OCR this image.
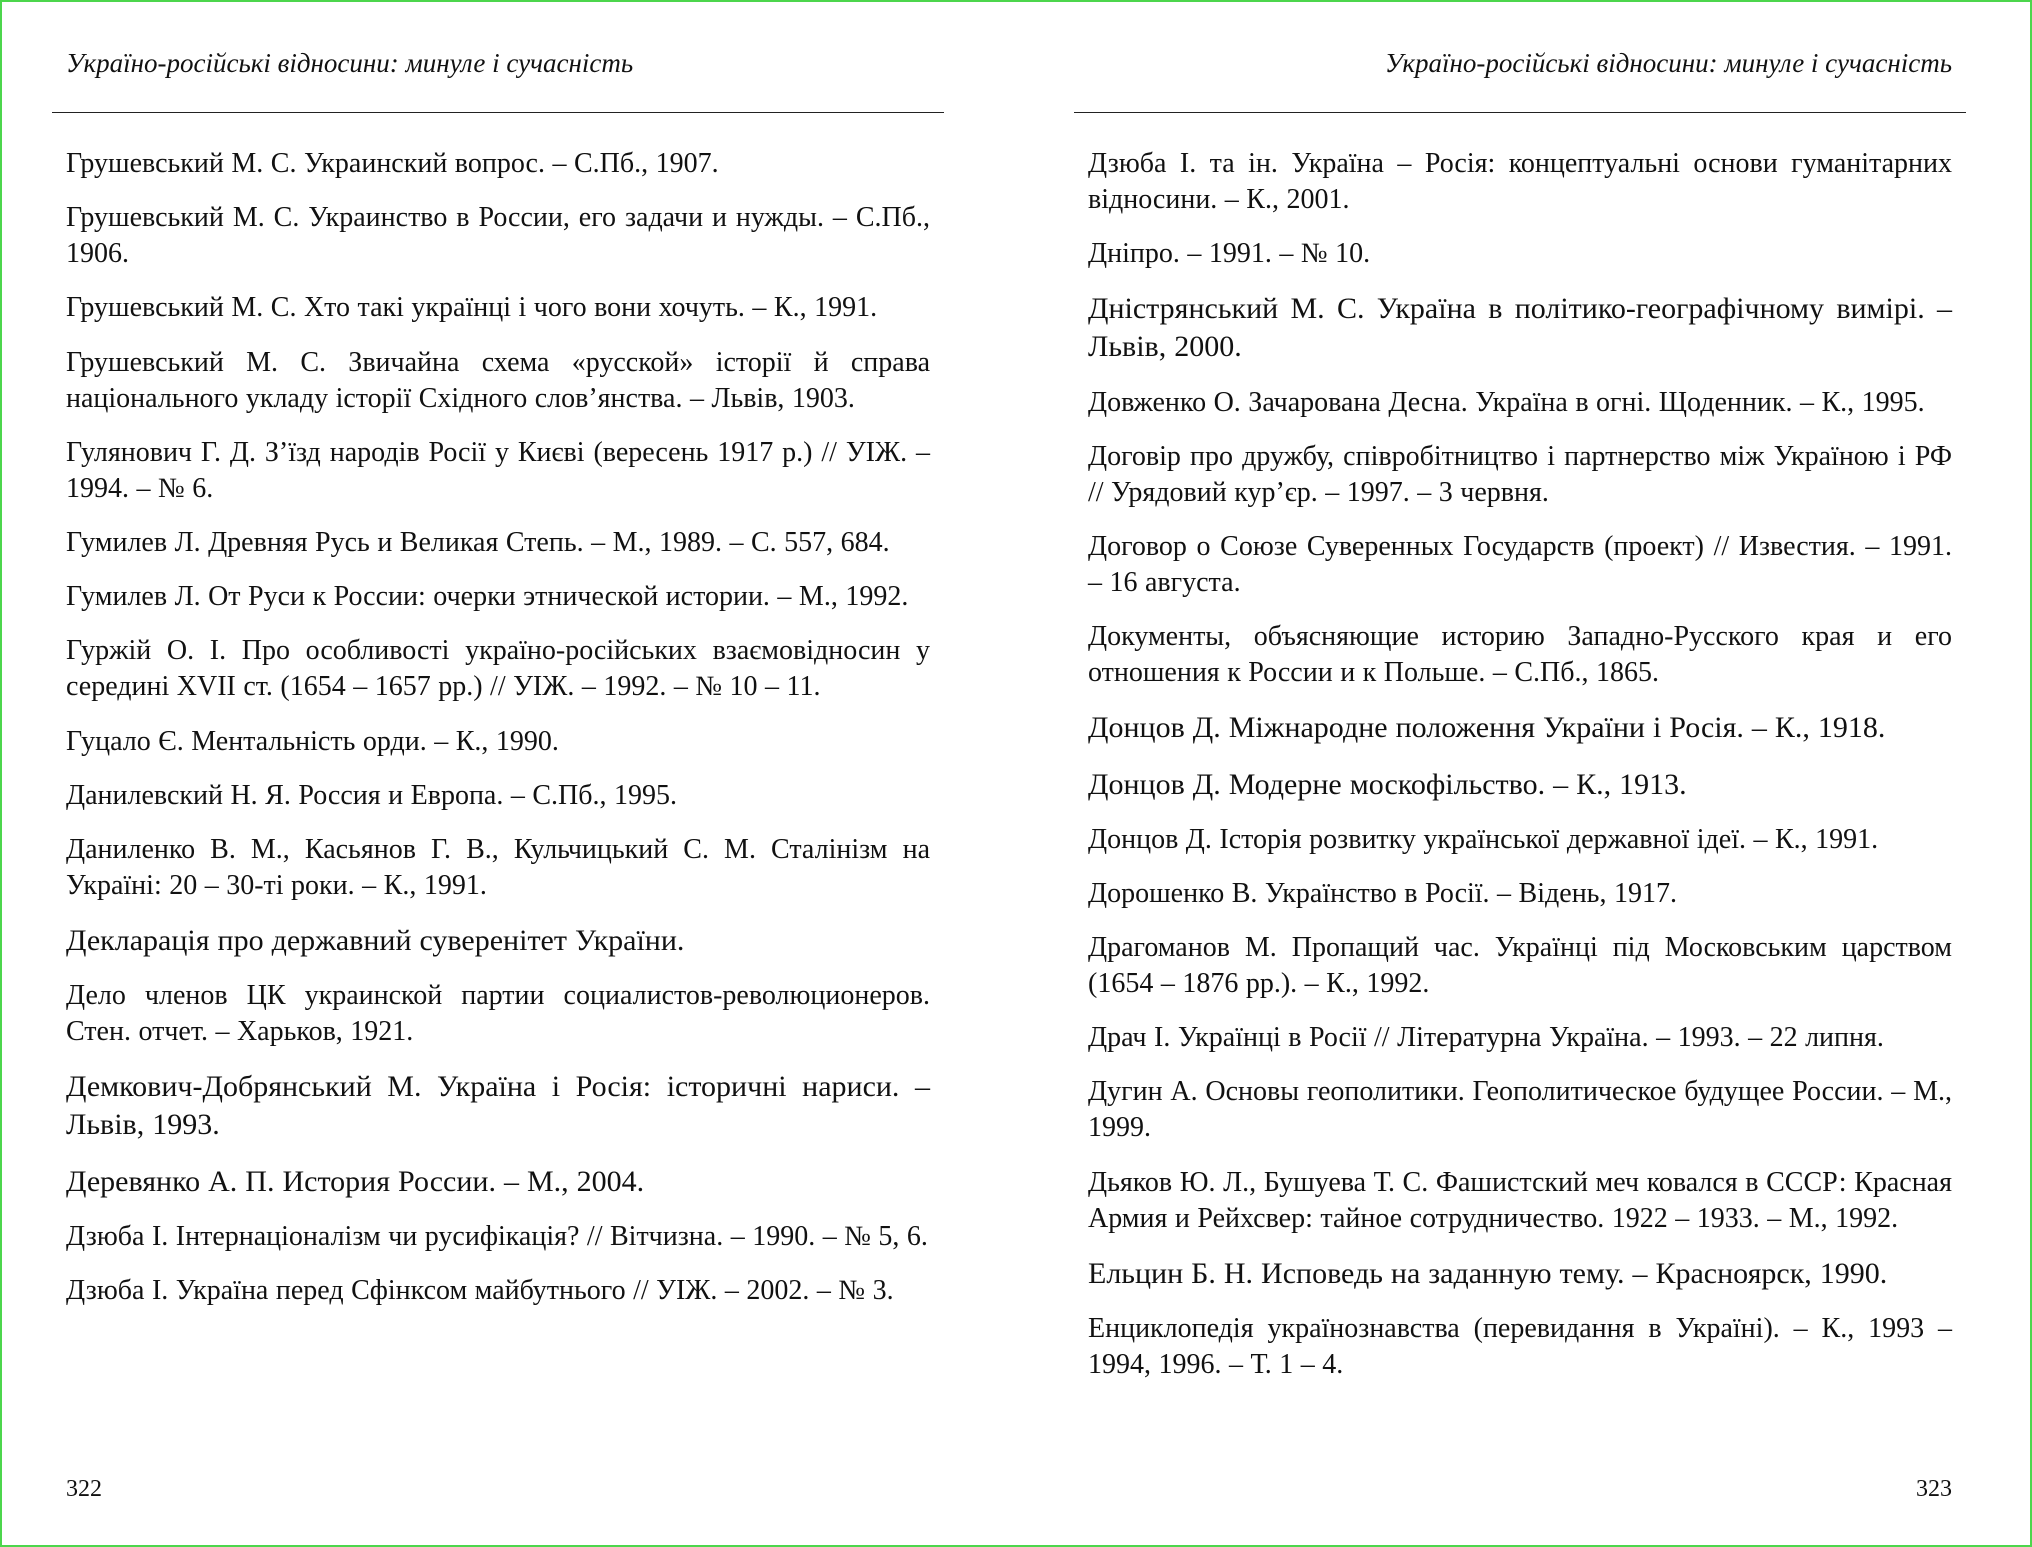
Україно-російські відносини: минуле і сучасність

Грушевський М. С. Украинский вопрос. – С.Пб., 1907.

Грушевський М. С. Украинство в России, его задачи и нужды. – С.Пб., 1906.

Грушевський М. С. Хто такі українці і чого вони хочуть. – К., 1991.

Грушевський М. С. Звичайна схема «русской» історії й справа національного укладу історії Східного слов’янства. – Львів, 1903.

Гулянович Г. Д. З’їзд народів Росії у Києві (вересень 1917 р.) // УІЖ. – 1994. – № 6.

Гумилев Л. Древняя Русь и Великая Степь. – М., 1989. – С. 557, 684.

Гумилев Л. От Руси к России: очерки этнической истории. – М., 1992.

Гуржій О. І. Про особливості україно-російських взаємовідносин у середині XVII ст. (1654 – 1657 рр.) // УІЖ. – 1992. – № 10 – 11.

Гуцало Є. Ментальність орди. – К., 1990.

Данилевский Н. Я. Россия и Европа. – С.Пб., 1995.

Даниленко В. М., Касьянов Г. В., Кульчицький С. М. Сталінізм на Україні: 20 – 30-ті роки. – К., 1991.

Декларація про державний суверенітет України.

Дело членов ЦК украинской партии социалистов-революционеров. Стен. отчет. – Харьков, 1921.

Демкович-Добрянський М. Україна і Росія: історичні нариси. – Львів, 1993.

Деревянко А. П. История России. – М., 2004.

Дзюба І. Інтернаціоналізм чи русифікація? // Вітчизна. – 1990. – № 5, 6.

Дзюба І. Україна перед Сфінксом майбутнього // УІЖ. – 2002. – № 3.

322
Україно-російські відносини: минуле і сучасність

Дзюба І. та ін. Україна – Росія: концептуальні основи гуманітарних відносини. – К., 2001.

Дніпро. – 1991. – № 10.

Дністрянський М. С. Україна в політико-географічному вимірі. – Львів, 2000.

Довженко О. Зачарована Десна. Україна в огні. Щоденник. – К., 1995.

Договір про дружбу, співробітництво і партнерство між Україною і РФ // Урядовий кур’єр. – 1997. – 3 червня.

Договор о Союзе Суверенных Государств (проект) // Известия. – 1991. – 16 августа.

Документы, объясняющие историю Западно-Русского края и его отношения к России и к Польше. – С.Пб., 1865.

Донцов Д. Міжнародне положення України і Росія. – К., 1918.

Донцов Д. Модерне москофільство. – К., 1913.

Донцов Д. Історія розвитку української державної ідеї. – К., 1991.

Дорошенко В. Українство в Росії. – Відень, 1917.

Драгоманов М. Пропащий час. Українці під Московським царством (1654 – 1876 рр.). – К., 1992.

Драч І. Українці в Росії // Літературна Україна. – 1993. – 22 липня.

Дугин А. Основы геополитики. Геополитическое будущее России. – М., 1999.

Дьяков Ю. Л., Бушуева Т. С. Фашистский меч ковался в СССР: Красная Армия и Рейхсвер: тайное сотрудничество. 1922 – 1933. – М., 1992.

Ельцин Б. Н. Исповедь на заданную тему. – Красноярск, 1990.

Енциклопедія українознавства (перевидання в Україні). – К., 1993 – 1994, 1996. – Т. 1 – 4.

323
